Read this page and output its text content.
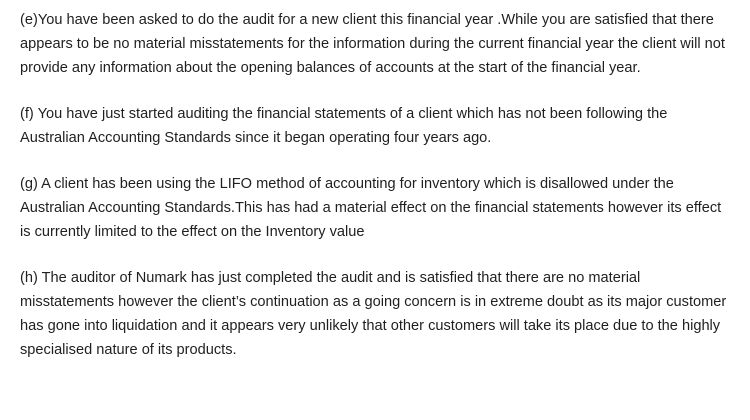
(e)You have been asked to do the audit for a new client this financial year .While you are satisfied that there appears to be no material misstatements for the information during the current financial year the client will not provide any information about the opening balances of accounts at the start of the financial year.

(f) You have just started auditing the financial statements of a client which has not been following the Australian Accounting Standards since it began operating four years ago.

(g) A client has been using the LIFO method of accounting for inventory which is disallowed under the Australian Accounting Standards.This has had a material effect on the financial statements however its effect is currently limited to the effect on the Inventory value

(h) The auditor of Numark has just completed the audit and is satisfied that there are no material misstatements however the client’s continuation as a going concern is in extreme doubt as its major customer has gone into liquidation and it appears very unlikely that other customers will take its place due to the highly specialised nature of its products.
